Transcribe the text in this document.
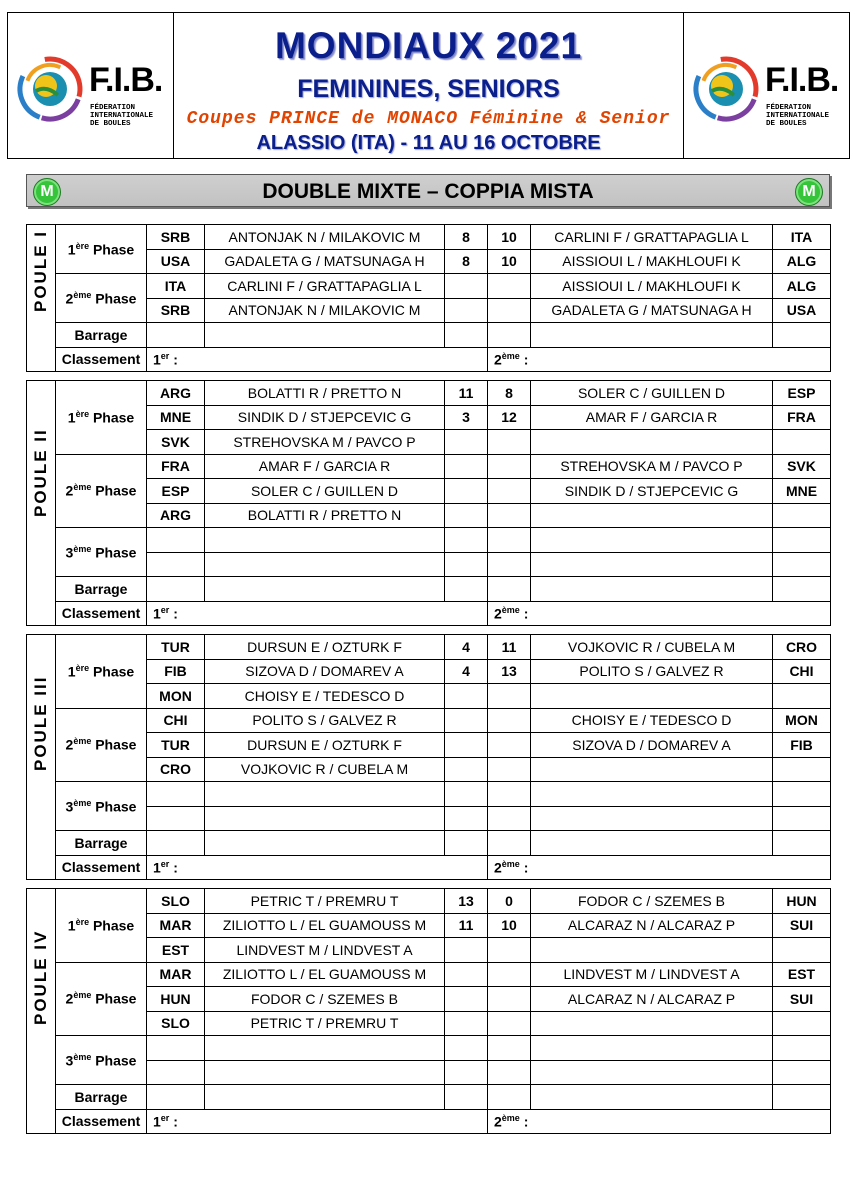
F.I.B.
FÉDERATION
INTERNATIONALE
DE BOULES
MONDIAUX 2021
FEMININES, SENIORS
Coupes PRINCE de MONACO Féminine & Senior
ALASSIO (ITA) - 11 AU 16 OCTOBRE
F.I.B.
FÉDERATION
INTERNATIONALE
DE BOULES
M	DOUBLE MIXTE – COPPIA MISTA	M
POULE I	1ère Phase	SRB	ANTONJAK N / MILAKOVIC M	8	10	CARLINI F / GRATTAPAGLIA L	ITA
		USA	GADALETA G / MATSUNAGA H	8	10	AISSIOUI L / MAKHLOUFI K	ALG
	2ème Phase	ITA	CARLINI F / GRATTAPAGLIA L			AISSIOUI L / MAKHLOUFI K	ALG
		SRB	ANTONJAK N / MILAKOVIC M			GADALETA G / MATSUNAGA H	USA
	Barrage						
	Classement	1er :			2ème :		
POULE II	1ère Phase	ARG	BOLATTI R / PRETTO N	11	8	SOLER C / GUILLEN D	ESP
		MNE	SINDIK D / STJEPCEVIC G	3	12	AMAR F / GARCIA R	FRA
		SVK	STREHOVSKA M / PAVCO P				
	2ème Phase	FRA	AMAR F / GARCIA R			STREHOVSKA M / PAVCO P	SVK
		ESP	SOLER C / GUILLEN D			SINDIK D / STJEPCEVIC G	MNE
		ARG	BOLATTI R / PRETTO N				
	3ème Phase						

	Barrage						
	Classement	1er :			2ème :		
POULE III	1ère Phase	TUR	DURSUN E / OZTURK F	4	11	VOJKOVIC R / CUBELA M	CRO
		FIB	SIZOVA D / DOMAREV A	4	13	POLITO S / GALVEZ R	CHI
		MON	CHOISY E / TEDESCO D				
	2ème Phase	CHI	POLITO S / GALVEZ R			CHOISY E / TEDESCO D	MON
		TUR	DURSUN E / OZTURK F			SIZOVA D / DOMAREV A	FIB
		CRO	VOJKOVIC R / CUBELA M				
	3ème Phase						

	Barrage						
	Classement	1er :			2ème :		
POULE IV	1ère Phase	SLO	PETRIC T / PREMRU T	13	0	FODOR C / SZEMES B	HUN
		MAR	ZILIOTTO L / EL GUAMOUSS M	11	10	ALCARAZ N / ALCARAZ P	SUI
		EST	LINDVEST M / LINDVEST A				
	2ème Phase	MAR	ZILIOTTO L / EL GUAMOUSS M			LINDVEST M / LINDVEST A	EST
		HUN	FODOR C / SZEMES B			ALCARAZ N / ALCARAZ P	SUI
		SLO	PETRIC T / PREMRU T				
	3ème Phase						

	Barrage						
	Classement	1er :			2ème :		
